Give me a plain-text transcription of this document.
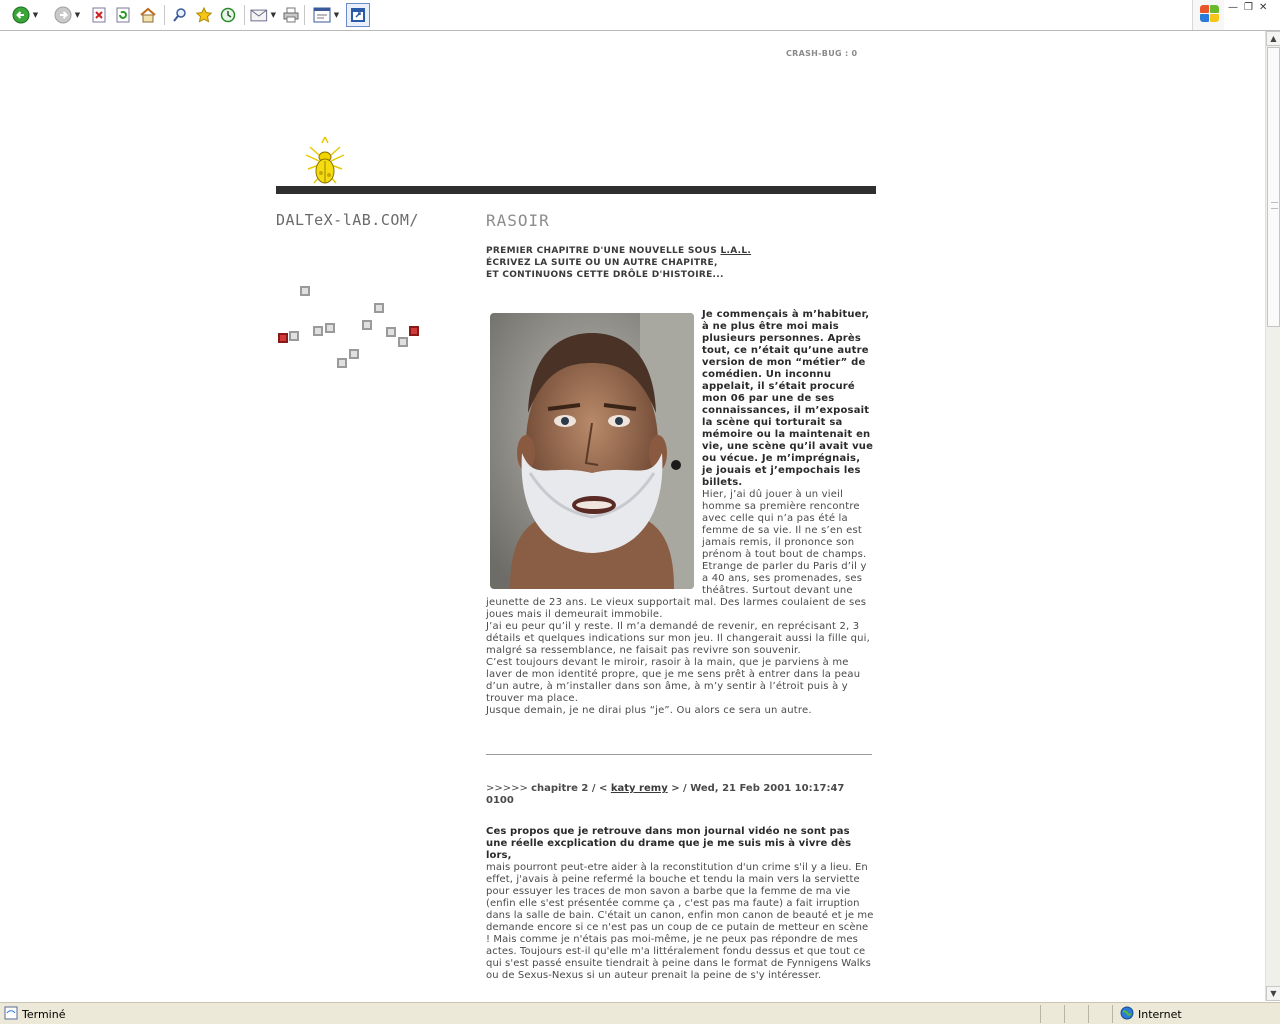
▼	▼	▼	▼
— ❐ ✕
CRASH-BUG : 0
DALTeX-lAB.COM/	RASOIR
PREMIER CHAPITRE D'UNE NOUVELLE SOUS L.A.L.
ÉCRIVEZ LA SUITE OU UN AUTRE CHAPITRE,
ET CONTINUONS CETTE DRÔLE D'HISTOIRE...
Je commençais à m’habituer, à ne plus être moi mais plusieurs personnes. Après tout, ce n’était qu’une autre version de mon “métier” de comédien. Un inconnu appelait, il s’était procuré mon 06 par une de ses connaissances, il m’exposait la scène qui torturait sa mémoire ou la maintenait en vie, une scène qu’il avait vue ou vécue. Je m’imprégnais, je jouais et j’empochais les billets.
Hier, j’ai dû jouer à un vieil homme sa première rencontre avec celle qui n’a pas été la femme de sa vie. Il ne s’en est jamais remis, il prononce son prénom à tout bout de champs. Etrange de parler du Paris d’il y a 40 ans, ses promenades, ses théâtres. Surtout devant une jeunette de 23 ans. Le vieux supportait mal. Des larmes coulaient de ses joues mais il demeurait immobile.
J’ai eu peur qu’il y reste. Il m’a demandé de revenir, en reprécisant 2, 3 détails et quelques indications sur mon jeu. Il changerait aussi la fille qui, malgré sa ressemblance, ne faisait pas revivre son souvenir.
C’est toujours devant le miroir, rasoir à la main, que je parviens à me laver de mon identité propre, que je me sens prêt à entrer dans la peau d’un autre, à m’installer dans son âme, à m’y sentir à l’étroit puis à y trouver ma place.
Jusque demain, je ne dirai plus “je”. Ou alors ce sera un autre.
>>>>> chapitre 2 / < katy remy > / Wed, 21 Feb 2001 10:17:47 0100
Ces propos que je retrouve dans mon journal vidéo ne sont pas une réelle excplication du drame que je me suis mis à vivre dès lors,
mais pourront peut-etre aider à la reconstitution d'un crime s'il y a lieu. En effet, j'avais à peine refermé la bouche et tendu la main vers la serviette pour essuyer les traces de mon savon a barbe que la femme de ma vie (enfin elle s'est présentée comme ça , c'est pas ma faute) a fait irruption dans la salle de bain. C'était un canon, enfin mon canon de beauté et je me demande encore si ce n'est pas un coup de ce putain de metteur en scène ! Mais comme je n'étais pas moi-même, je ne peux pas répondre de mes actes. Toujours est-il qu'elle m'a littéralement fondu dessus et que tout ce qui s'est passé ensuite tiendrait à peine dans le format de Fynnigens Walks ou de Sexus-Nexus si un auteur prenait la peine de s'y intéresser.
▲
▼
Terminé	Internet
